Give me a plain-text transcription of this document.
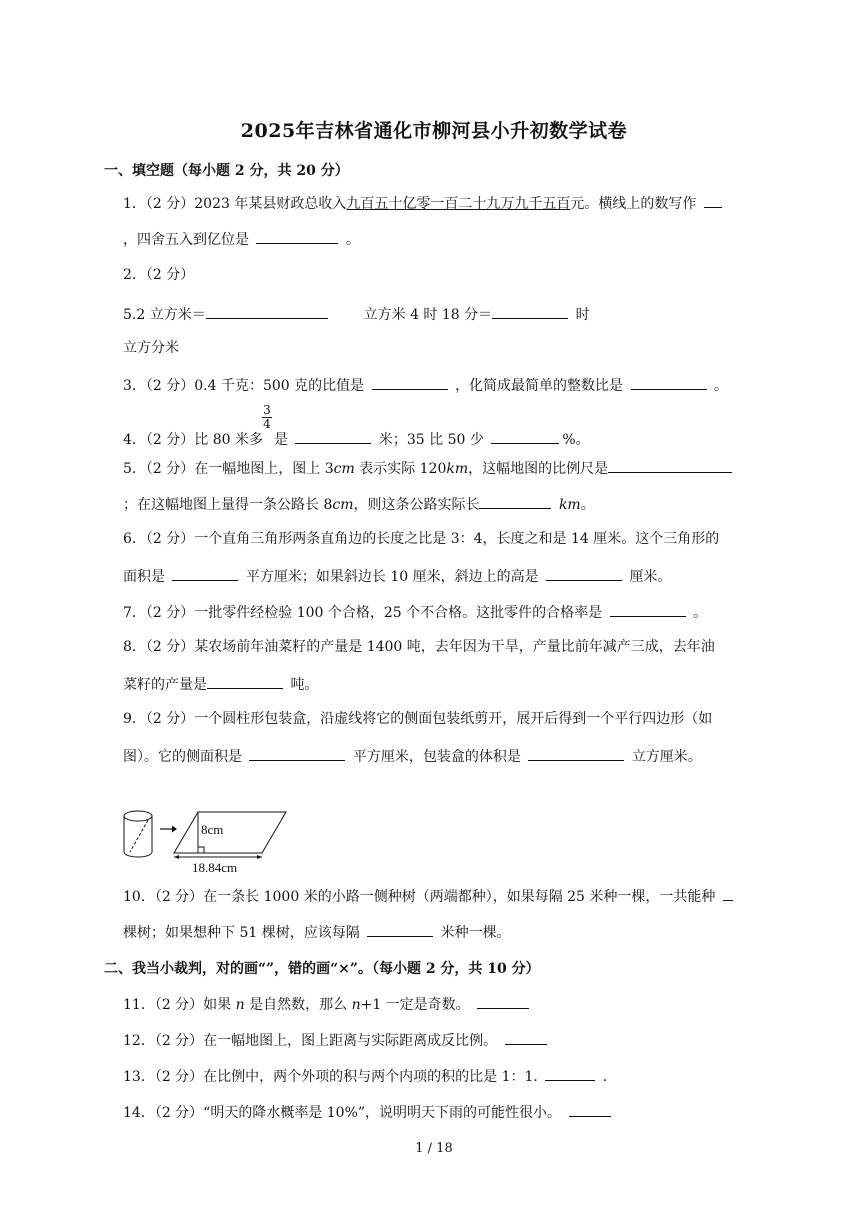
2025年吉林省通化市柳河县小升初数学试卷
一、填空题（每小题 2 分，共 20 分）
1．（2 分）2023 年某县财政总收入九百五十亿零一百二十九万九千五百元。横线上的数写作
，四舍五入到亿位是	。
2．（2 分）
5.2 立方米＝	立方米 4 时 18 分＝	时
立方分米
3．（2 分）0.4 千克：500 克的比值是	，化简成最简单的整数比是	。
$\frac{3}{4}$
4．（2 分）比 80 米多 是	米；35 比 50 少	%。
5．（2 分）在一幅地图上，图上 3cm 表示实际 120km，这幅地图的比例尺是
；在这幅地图上量得一条公路长 8cm，则这条公路实际长	km。
6．（2 分）一个直角三角形两条直角边的长度之比是 3：4，长度之和是 14 厘米。这个三角形的
面积是	平方厘米；如果斜边长 10 厘米，斜边上的高是	厘米。
7．（2 分）一批零件经检验 100 个合格，25 个不合格。这批零件的合格率是	。
8．（2 分）某农场前年油菜籽的产量是 1400 吨，去年因为干旱，产量比前年减产三成，去年油
菜籽的产量是	吨。
9．（2 分）一个圆柱形包装盒，沿虚线将它的侧面包装纸剪开，展开后得到一个平行四边形（如
图）。它的侧面积是	平方厘米，包装盒的体积是	立方厘米。
8cm
18.84cm
10．（2 分）在一条长 1000 米的小路一侧种树（两端都种），如果每隔 25 米种一棵，一共能种
棵树；如果想种下 51 棵树，应该每隔	米种一棵。
二、我当小裁判，对的画“”，错的画“×”。（每小题 2 分，共 10 分）
11．（2 分）如果 n 是自然数，那么 n+1 一定是奇数。
12．（2 分）在一幅地图上，图上距离与实际距离成反比例。
13．（2 分）在比例中，两个外项的积与两个内项的积的比是 1：1.	.
14．（2 分）“明天的降水概率是 10%”，说明明天下雨的可能性很小。
1 / 18
